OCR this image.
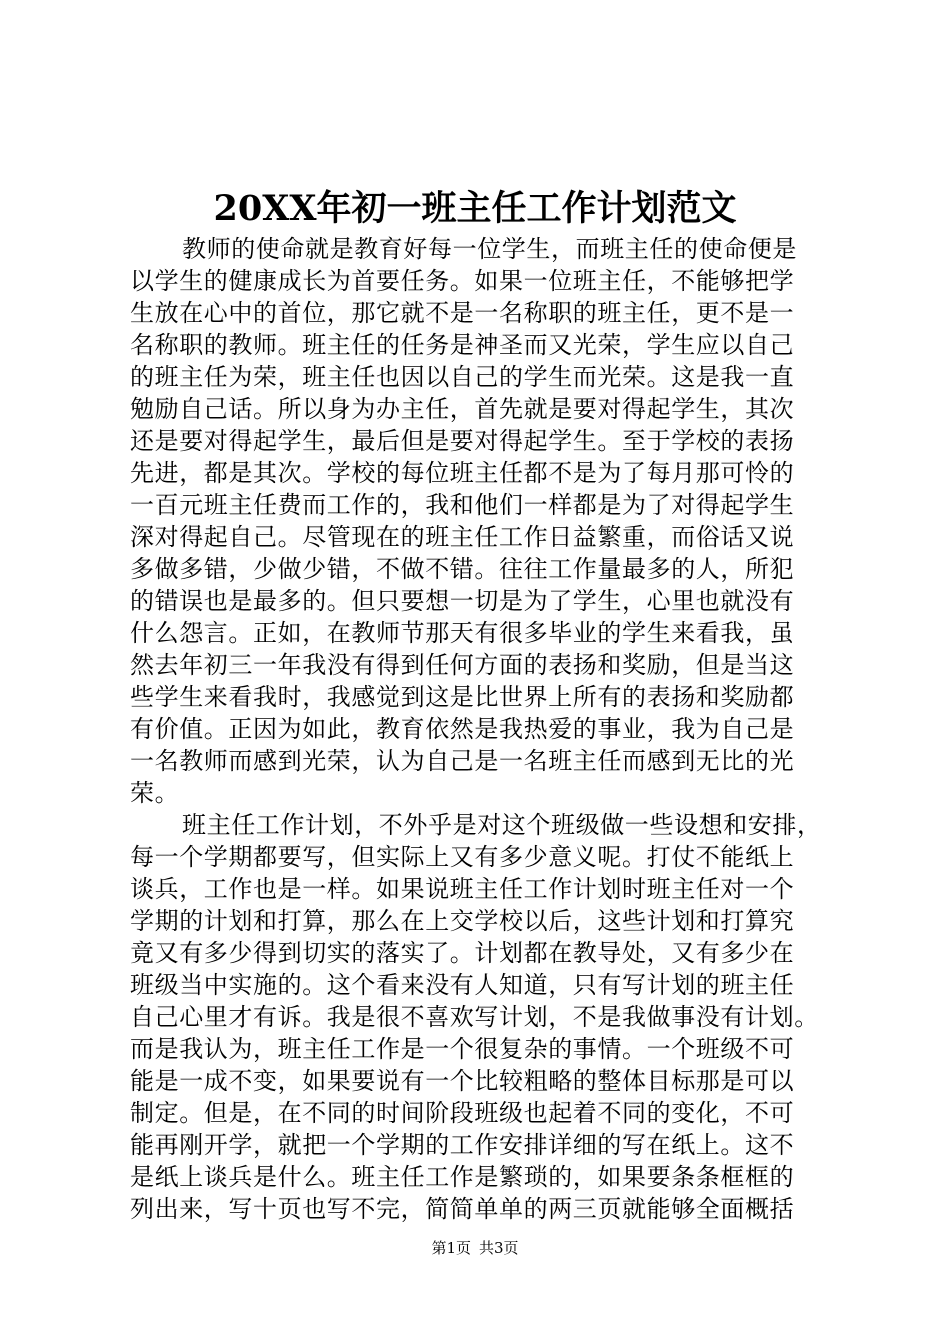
20XX年初一班主任工作计划范文
教师的使命就是教育好每一位学生，而班主任的使命便是
以学生的健康成长为首要任务。如果一位班主任，不能够把学
生放在心中的首位，那它就不是一名称职的班主任，更不是一
名称职的教师。班主任的任务是神圣而又光荣，学生应以自己
的班主任为荣，班主任也因以自己的学生而光荣。这是我一直
勉励自己话。所以身为办主任，首先就是要对得起学生，其次
还是要对得起学生，最后但是要对得起学生。至于学校的表扬
先进，都是其次。学校的每位班主任都不是为了每月那可怜的
一百元班主任费而工作的，我和他们一样都是为了对得起学生
深对得起自己。尽管现在的班主任工作日益繁重，而俗话又说
多做多错，少做少错，不做不错。往往工作量最多的人，所犯
的错误也是最多的。但只要想一切是为了学生，心里也就没有
什么怨言。正如，在教师节那天有很多毕业的学生来看我，虽
然去年初三一年我没有得到任何方面的表扬和奖励，但是当这
些学生来看我时，我感觉到这是比世界上所有的表扬和奖励都
有价值。正因为如此，教育依然是我热爱的事业，我为自己是
一名教师而感到光荣，认为自己是一名班主任而感到无比的光
荣。
班主任工作计划，不外乎是对这个班级做一些设想和安排，
每一个学期都要写，但实际上又有多少意义呢。打仗不能纸上
谈兵，工作也是一样。如果说班主任工作计划时班主任对一个
学期的计划和打算，那么在上交学校以后，这些计划和打算究
竟又有多少得到切实的落实了。计划都在教导处，又有多少在
班级当中实施的。这个看来没有人知道，只有写计划的班主任
自己心里才有诉。我是很不喜欢写计划，不是我做事没有计划。
而是我认为，班主任工作是一个很复杂的事情。一个班级不可
能是一成不变，如果要说有一个比较粗略的整体目标那是可以
制定。但是，在不同的时间阶段班级也起着不同的变化，不可
能再刚开学，就把一个学期的工作安排详细的写在纸上。这不
是纸上谈兵是什么。班主任工作是繁琐的，如果要条条框框的
列出来，写十页也写不完，简简单单的两三页就能够全面概括
第1页 共3页
